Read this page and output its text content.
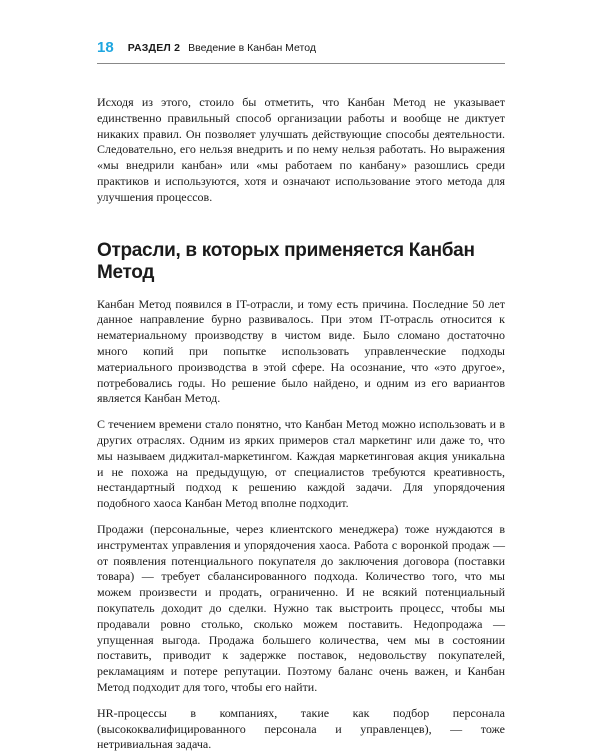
18 РАЗДЕЛ 2 Введение в Канбан Метод

Исходя из этого, стоило бы отметить, что Канбан Метод не указывает единственно правильный способ организации работы и вообще не диктует никаких правил. Он позволяет улучшать действующие способы деятельности. Следовательно, его нельзя внедрить и по нему нельзя работать. Но выражения «мы внедрили канбан» или «мы работаем по канбану» разошлись среди практиков и используются, хотя и означают использование этого метода для улучшения процессов.

Отрасли, в которых применяется Канбан Метод

Канбан Метод появился в IT-отрасли, и тому есть причина. Последние 50 лет данное направление бурно развивалось. При этом IT-отрасль относится к нематериальному производству в чистом виде. Было сломано достаточно много копий при попытке использовать управленческие подходы материального производства в этой сфере. На осознание, что «это другое», потребовались годы. Но решение было найдено, и одним из его вариантов является Канбан Метод.

С течением времени стало понятно, что Канбан Метод можно использовать и в других отраслях. Одним из ярких примеров стал маркетинг или даже то, что мы называем диджитал-маркетингом. Каждая маркетинговая акция уникальна и не похожа на предыдущую, от специалистов требуются креативность, нестандартный подход к решению каждой задачи. Для упорядочения подобного хаоса Канбан Метод вполне подходит.

Продажи (персональные, через клиентского менеджера) тоже нуждаются в инструментах управления и упорядочения хаоса. Работа с воронкой продаж — от появления потенциального покупателя до заключения договора (поставки товара) — требует сбалансированного подхода. Количество того, что мы можем произвести и продать, ограниченно. И не всякий потенциальный покупатель доходит до сделки. Нужно так выстроить процесс, чтобы мы продавали ровно столько, сколько можем поставить. Недопродажа — упущенная выгода. Продажа большего количества, чем мы в состоянии поставить, приводит к задержке поставок, недовольству покупателей, рекламациям и потере репутации. Поэтому баланс очень важен, и Канбан Метод подходит для того, чтобы его найти.

HR-процессы в компаниях, такие как подбор персонала (высококвалифицированного персонала и управленцев), — тоже нетривиальная задача.
